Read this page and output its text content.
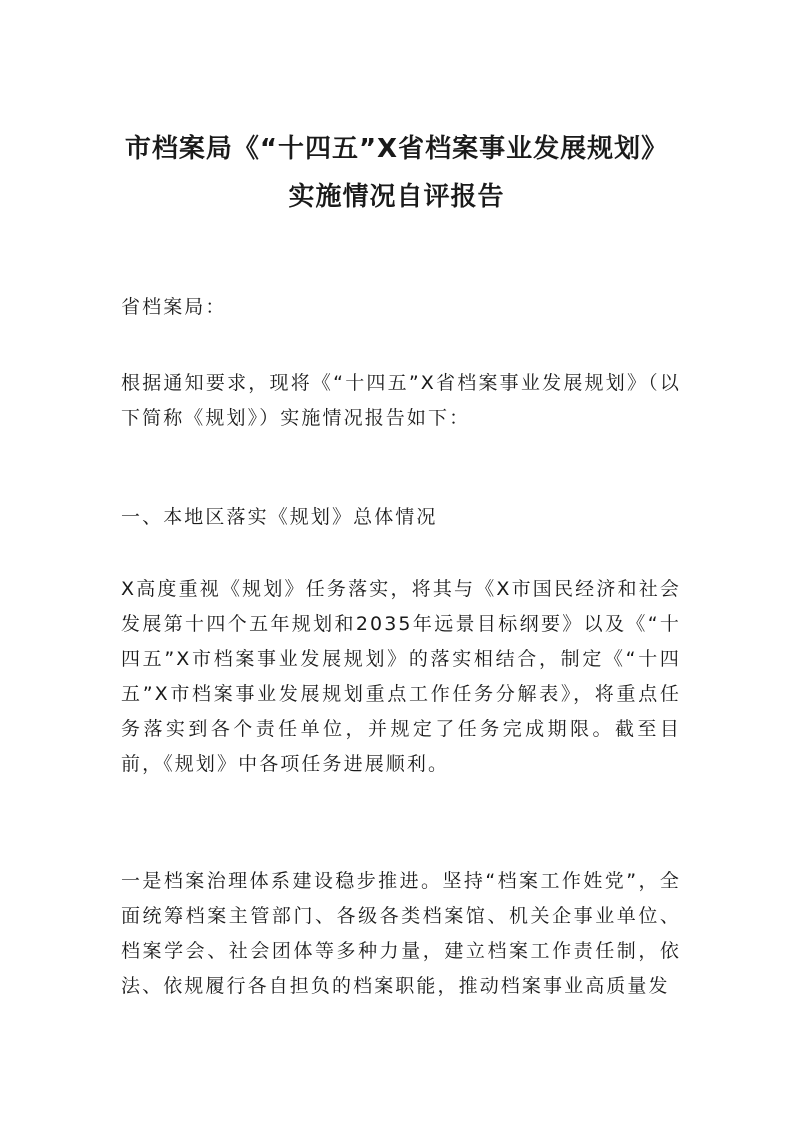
市档案局《“十四五”X省档案事业发展规划》
实施情况自评报告
省档案局：
根据通知要求，现将《“十四五”X省档案事业发展规划》（以下简称《规划》）实施情况报告如下：
一、本地区落实《规划》总体情况
X高度重视《规划》任务落实，将其与《X市国民经济和社会发展第十四个五年规划和2035年远景目标纲要》以及《“十四五”X市档案事业发展规划》的落实相结合，制定《“十四五”X市档案事业发展规划重点工作任务分解表》，将重点任务落实到各个责任单位，并规定了任务完成期限。截至目前，《规划》中各项任务进展顺利。
一是档案治理体系建设稳步推进。坚持“档案工作姓党”，全面统筹档案主管部门、各级各类档案馆、机关企事业单位、档案学会、社会团体等多种力量，建立档案工作责任制，依法、依规履行各自担负的档案职能，推动档案事业高质量发
